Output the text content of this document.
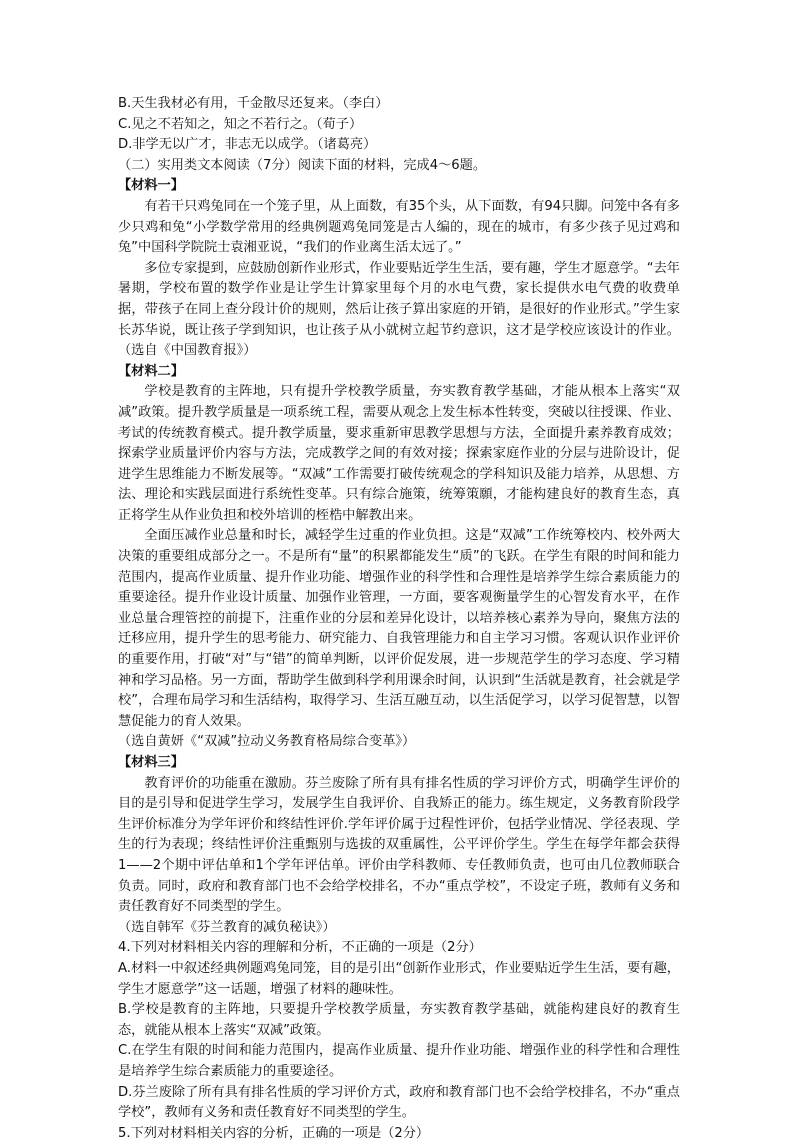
B.天生我材必有用，千金散尽还复来。（李白）
C.见之不若知之，知之不若行之。（荀子）
D.非学无以广才，非志无以成学。（诸葛亮）
（二）实用类文本阅读（7分）阅读下面的材料，完成4～6题。
【材料一】
有若干只鸡兔同在一个笼子里，从上面数，有35个头，从下面数，有94只脚。问笼中各有多少只鸡和兔“小学数学常用的经典例题鸡兔同笼是古人编的，现在的城市，有多少孩子见过鸡和兔”中国科学院院士袁湘亚说，“我们的作业离生活太远了。”
多位专家提到，应鼓励创新作业形式，作业要贴近学生生活，要有趣，学生才愿意学。“去年暑期，学校布置的数学作业是让学生计算家里每个月的水电气费，家长提供水电气费的收费单据，带孩子在同上查分段计价的规则，然后让孩子算出家庭的开销，是很好的作业形式。”学生家长苏华说，既让孩子学到知识，也让孩子从小就树立起节约意识，这才是学校应该设计的作业。（选自《中国教育报》）
【材料二】
学校是教育的主阵地，只有提升学校教学质量，夯实教育教学基础，才能从根本上落实“双减”政策。提升教学质量是一项系统工程，需要从观念上发生标本性转变，突破以往授课、作业、考试的传统教育模式。提升教学质量，要求重新审思教学思想与方法，全面提升素养教育成效；探索学业质量评价内容与方法，完成教学之间的有效对接；探索家庭作业的分层与进阶设计，促进学生思维能力不断发展等。“双减”工作需要打破传统观念的学科知识及能力培养，从思想、方法、理论和实践层面进行系统性变革。只有综合施策，统筹策願，才能构建良好的教育生态，真正将学生从作业负担和校外培训的桎梏中解教出来。
全面压减作业总量和时长，减轻学生过重的作业负担。这是“双减”工作统筹校内、校外两大决策的重要组成部分之一。不是所有“量”的积累都能发生“质”的飞跃。在学生有限的时间和能力范围内，提高作业质量、提升作业功能、增强作业的科学性和合理性是培养学生综合素质能力的重要途径。提升作业设计质量、加强作业管理，一方面，要客观衡量学生的心智发育水平，在作业总量合理管控的前提下，注重作业的分层和差异化设计，以培养核心素养为导向，聚焦方法的迁移应用，提升学生的思考能力、研究能力、自我管理能力和自主学习习惯。客观认识作业评价的重要作用，打破“对”与“错”的简单判断，以评价促发展，进一步规范学生的学习态度、学习精神和学习品格。另一方面，帮助学生做到科学利用课余时间，认识到“生活就是教育，社会就是学校”，合理布局学习和生活结构，取得学习、生活互融互动，以生活促学习，以学习促智慧，以智慧促能力的育人效果。
（选自黄妍《“双减”拉动义务教育格局综合变革》）
【材料三】
教育评价的功能重在激励。芬兰废除了所有具有排名性质的学习评价方式，明确学生评价的目的是引导和促进学生学习，发展学生自我评价、自我矫正的能力。练生规定，义务教育阶段学生评价标准分为学年评价和终结性评价.学年评价属于过程性评价，包括学业情况、学径表现、学生的行为表现；终结性评价注重甄别与选拔的双重属性，公平评价学生。学生在每学年都会获得1——2个期中评估单和1个学年评估单。评价由学科教师、专任教师负责，也可由几位教师联合负责。同时，政府和教育部门也不会给学校排名，不办“重点学校”，不设定子班，教师有义务和责任教育好不同类型的学生。
（选自韩军《芬兰教育的减负秘诀》）
4.下列对材料相关内容的理解和分析，不正确的一项是（2分）
A.材料一中叙述经典例题鸡兔同笼，目的是引出“创新作业形式，作业要贴近学生生活，要有趣，学生才愿意学”这一话题，增强了材料的趣味性。
B.学校是教育的主阵地，只要提升学校教学质量，夯实教育教学基础，就能构建良好的教育生态，就能从根本上落实“双减”政策。
C.在学生有限的时间和能力范围内，提高作业质量、提升作业功能、增强作业的科学性和合理性是培养学生综合素质能力的重要途径。
D.芬兰废除了所有具有排名性质的学习评价方式，政府和教育部门也不会给学校排名，不办“重点学校”，教师有义务和责任教育好不同类型的学生。
5.下列对材料相关内容的分析，正确的一项是（2分）
